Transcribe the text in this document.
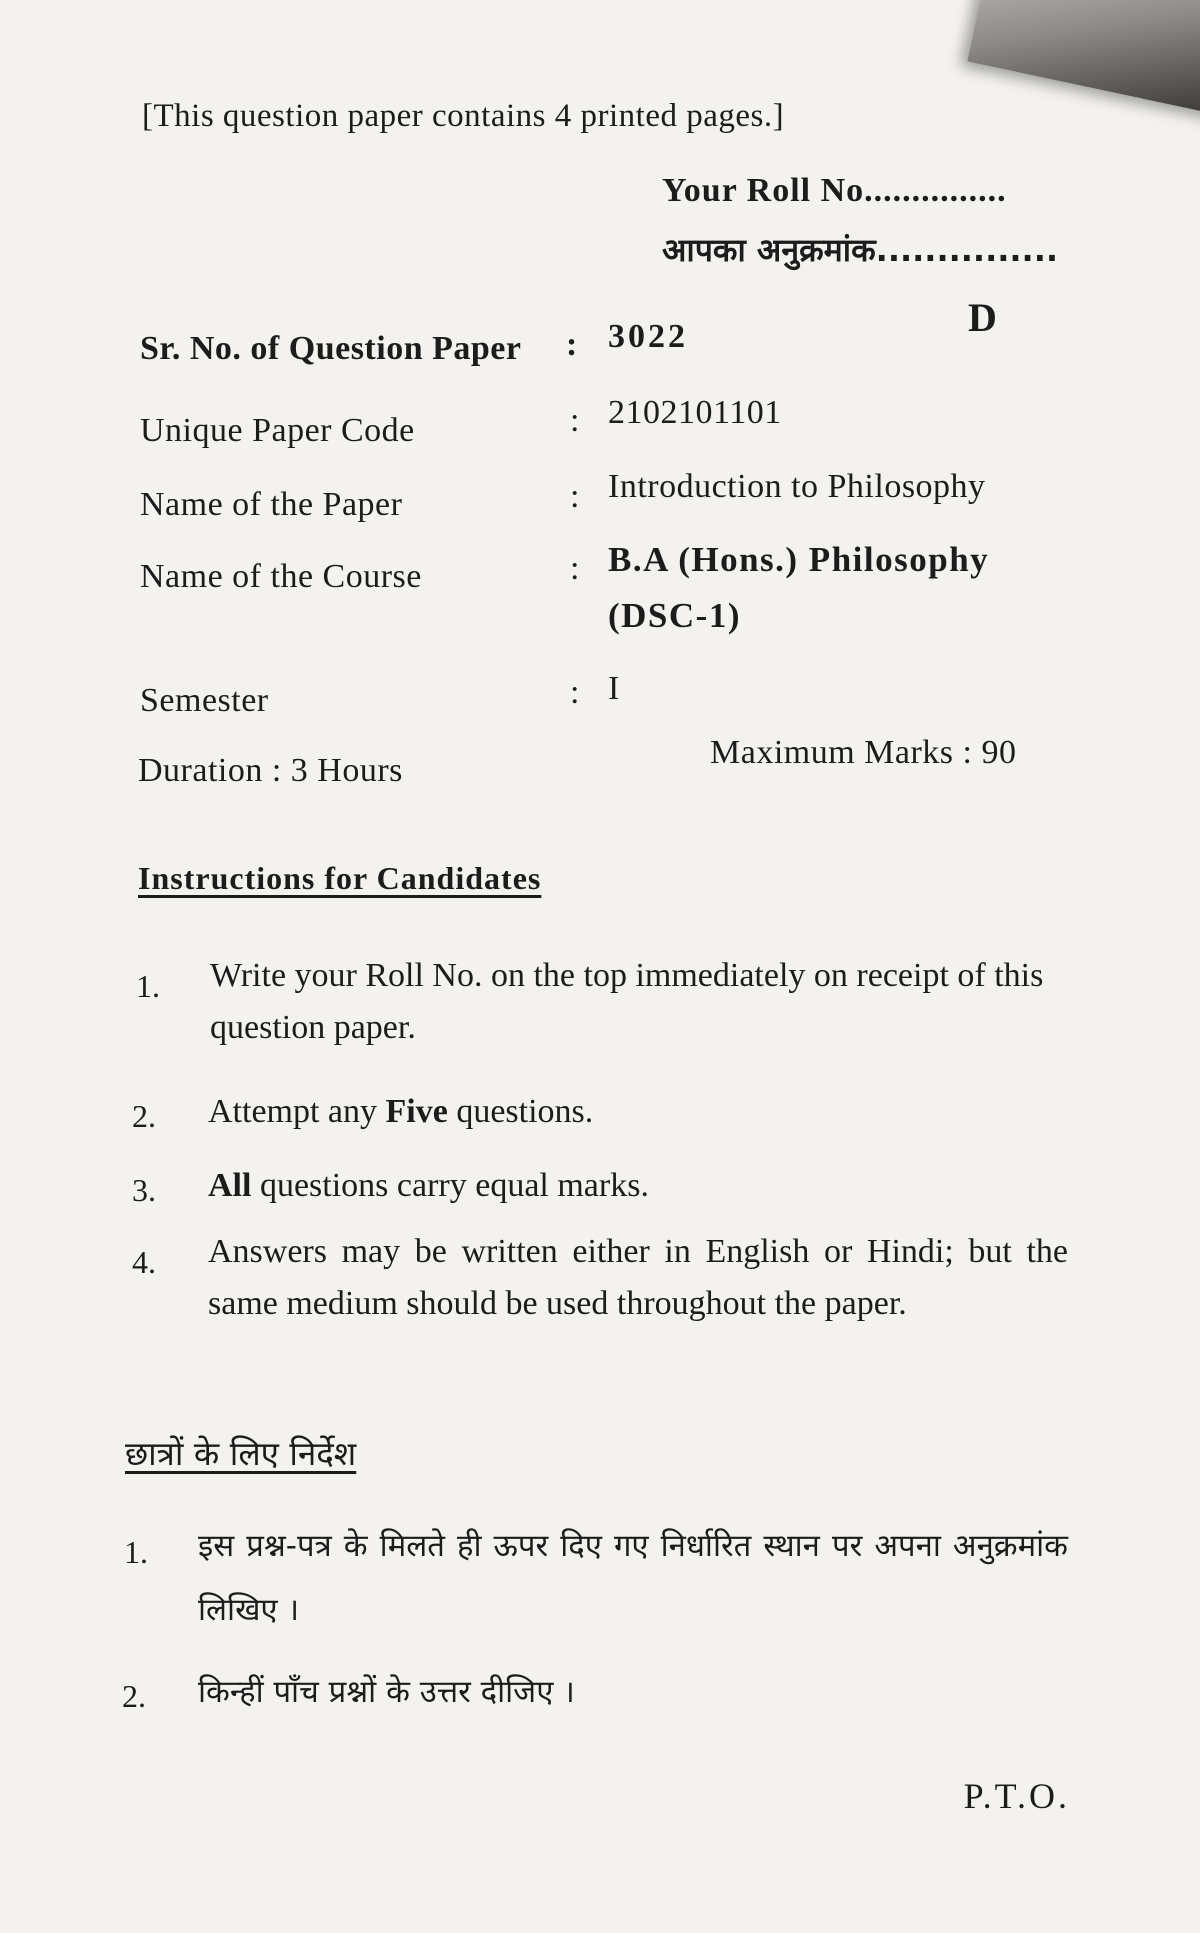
[This question paper contains 4 printed pages.]
Your Roll No...............
आपका अनुक्रमांक...............
D
Sr. No. of Question Paper : 3022
Unique Paper Code	: 2102101101
Name of the Paper	: Introduction to Philosophy
Name of the Course	: B.A (Hons.) Philosophy
(DSC-1)
Semester	: I
Duration : 3 Hours	Maximum Marks : 90
Instructions for Candidates
1. Write your Roll No. on the top immediately on receipt of this question paper.
2. Attempt any Five questions.
3. All questions carry equal marks.
4. Answers may be written either in English or Hindi; but the same medium should be used throughout the paper.
छात्रों के लिए निर्देश
1. इस प्रश्न-पत्र के मिलते ही ऊपर दिए गए निर्धारित स्थान पर अपना अनुक्रमांक लिखिए ।
2. किन्हीं पाँच प्रश्नों के उत्तर दीजिए ।
P.T.O.
